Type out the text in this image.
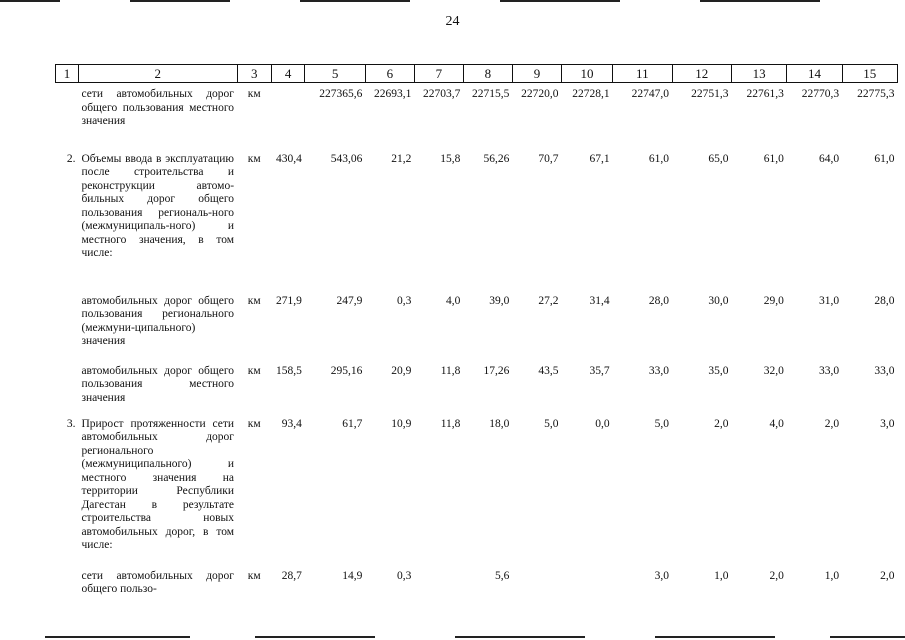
24
1	2	3	4	5	6	7	8	9	10	11	12	13	14	15
	сети автомобильных дорог общего пользования местного значения	км		227365,6	22693,1	22703,7	22715,5	22720,0	22728,1	22747,0	22751,3	22761,3	22770,3	22775,3
2.	Объемы ввода в эксплуатацию после строительства и реконструкции автомо-бильных дорог общего пользования региональ-ного (межмуниципаль-ного) и местного значения, в том числе:	км	430,4	543,06	21,2	15,8	56,26	70,7	67,1	61,0	65,0	61,0	64,0	61,0
	автомобильных дорог общего пользования регионального (межмуни-ципального) значения	км	271,9	247,9	0,3	4,0	39,0	27,2	31,4	28,0	30,0	29,0	31,0	28,0
	автомобильных дорог общего пользования местного значения	км	158,5	295,16	20,9	11,8	17,26	43,5	35,7	33,0	35,0	32,0	33,0	33,0
3.	Прирост протяженности сети автомобильных дорог регионального (межмуниципального) и местного значения на территории Республики Дагестан в результате строительства новых автомобильных дорог, в том числе:	км	93,4	61,7	10,9	11,8	18,0	5,0	0,0	5,0	2,0	4,0	2,0	3,0
	сети автомобильных дорог общего пользо-	км	28,7	14,9	0,3		5,6			3,0	1,0	2,0	1,0	2,0
